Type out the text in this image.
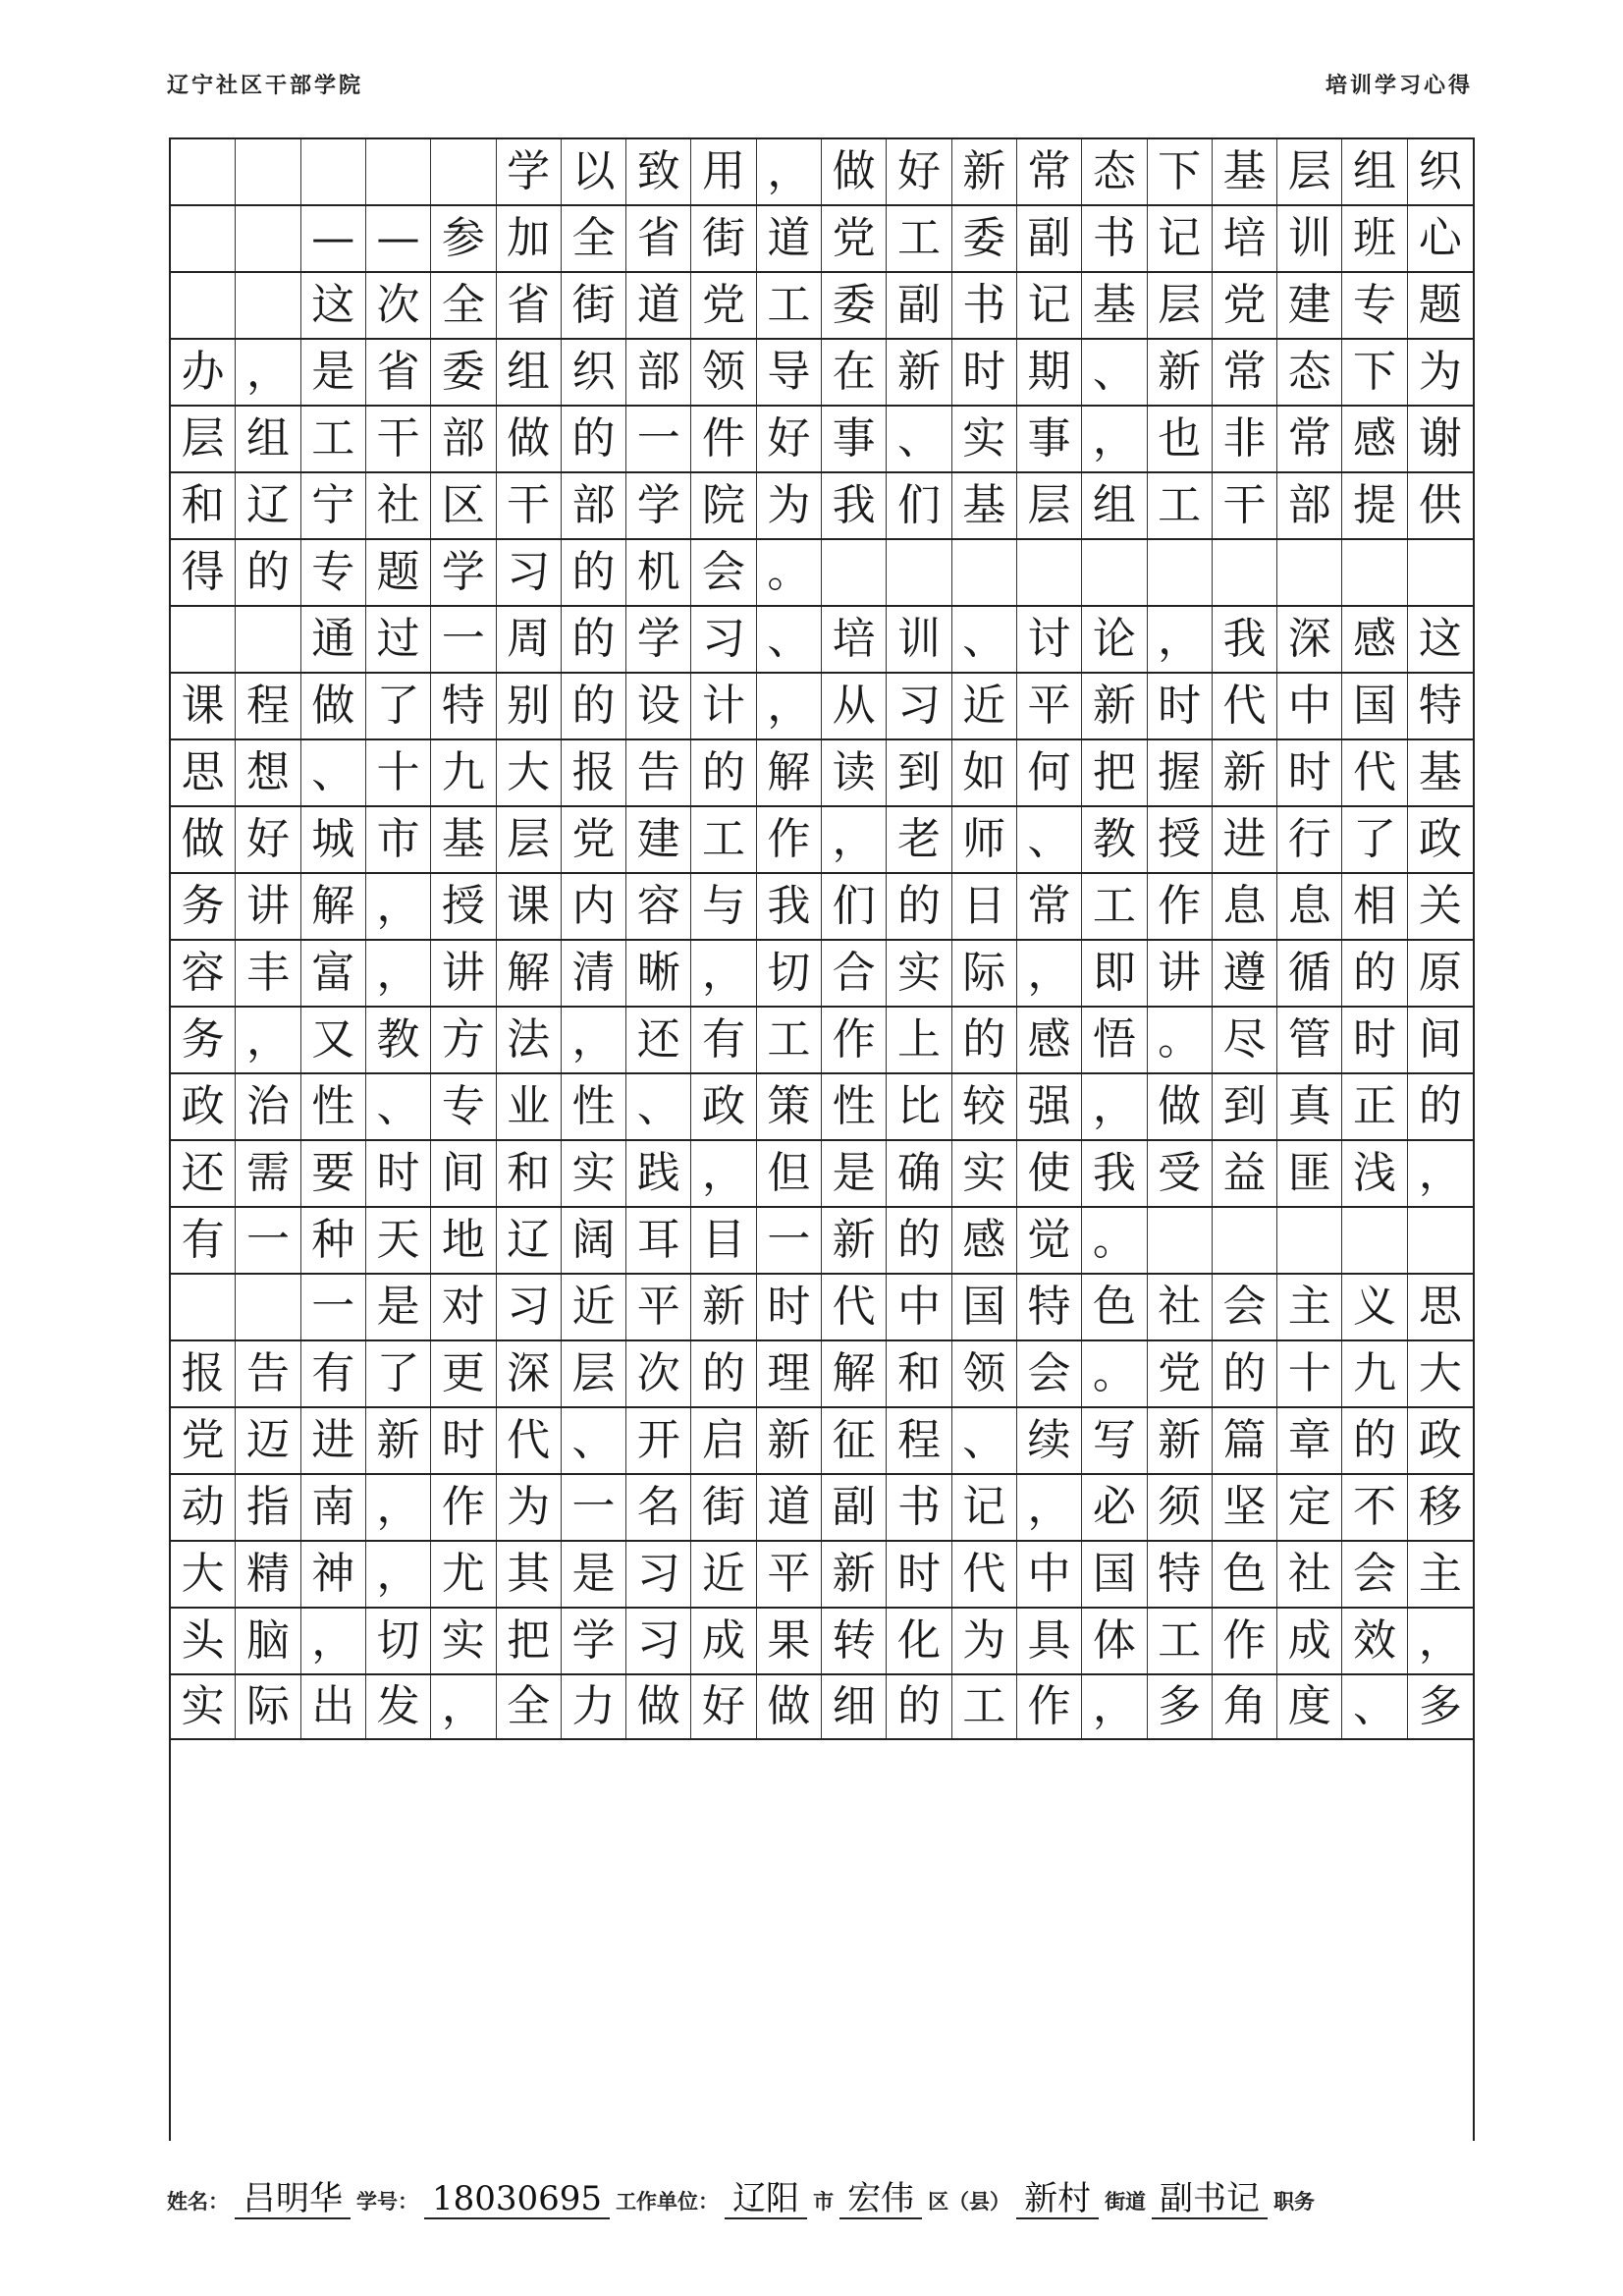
辽宁社区干部学院	培训学习心得
学 以 致 用 ， 做 好 新 常 态 下 基 层 组 织
— — 参 加 全 省 街 道 党 工 委 副 书 记 培 训 班 心
这 次 全 省 街 道 党 工 委 副 书 记 基 层 党 建 专 题
办 ， 是 省 委 组 织 部 领 导 在 新 时 期 、 新 常 态 下 为
层 组 工 干 部 做 的 一 件 好 事 、 实 事 ， 也 非 常 感 谢
和 辽 宁 社 区 干 部 学 院 为 我 们 基 层 组 工 干 部 提 供
得 的 专 题 学 习 的 机 会 。
通 过 一 周 的 学 习 、 培 训 、 讨 论 ， 我 深 感 这
课 程 做 了 特 别 的 设 计 ， 从 习 近 平 新 时 代 中 国 特
思 想 、 十 九 大 报 告 的 解 读 到 如 何 把 握 新 时 代 基
做 好 城 市 基 层 党 建 工 作 ， 老 师 、 教 授 进 行 了 政
务 讲 解 ， 授 课 内 容 与 我 们 的 日 常 工 作 息 息 相 关
容 丰 富 ， 讲 解 清 晰 ， 切 合 实 际 ， 即 讲 遵 循 的 原
务 ， 又 教 方 法 ， 还 有 工 作 上 的 感 悟 。 尽 管 时 间
政 治 性 、 专 业 性 、 政 策 性 比 较 强 ， 做 到 真 正 的
还 需 要 时 间 和 实 践 ， 但 是 确 实 使 我 受 益 匪 浅 ，
有 一 种 天 地 辽 阔 耳 目 一 新 的 感 觉 。
一 是 对 习 近 平 新 时 代 中 国 特 色 社 会 主 义 思
报 告 有 了 更 深 层 次 的 理 解 和 领 会 。 党 的 十 九 大
党 迈 进 新 时 代 、 开 启 新 征 程 、 续 写 新 篇 章 的 政
动 指 南 ， 作 为 一 名 街 道 副 书 记 ， 必 须 坚 定 不 移
大 精 神 ， 尤 其 是 习 近 平 新 时 代 中 国 特 色 社 会 主
头 脑 ， 切 实 把 学 习 成 果 转 化 为 具 体 工 作 成 效 ，
实 际 出 发 ， 全 力 做 好 做 细 的 工 作 ， 多 角 度 、 多
姓名： 吕明华 学号： 18030695 工作单位： 辽阳 市 宏伟 区（县） 新村 街道 副书记 职务
